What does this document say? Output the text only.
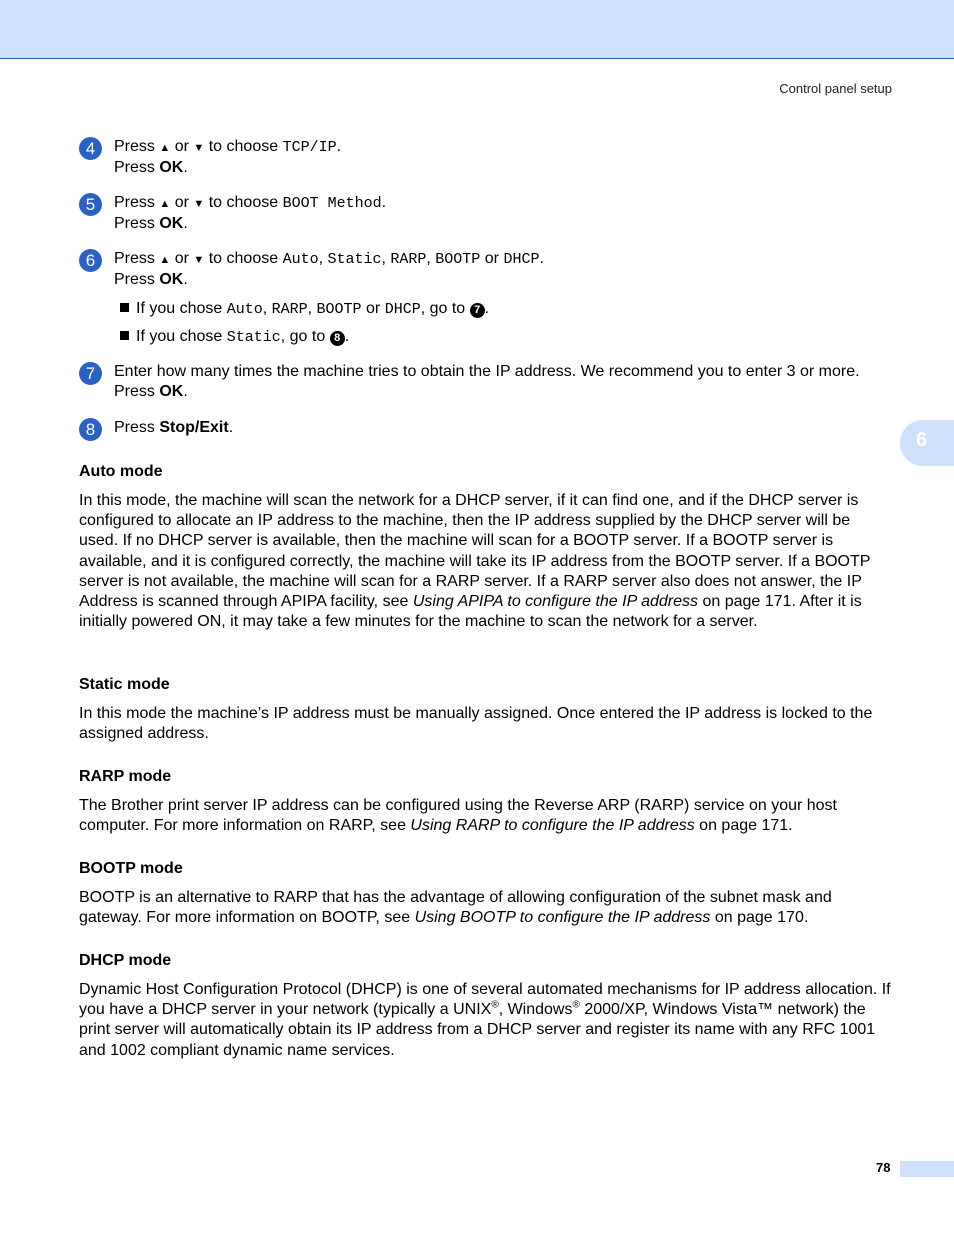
Control panel setup
6
4	Press ▲ or ▼ to choose TCP/IP.
Press OK.
5	Press ▲ or ▼ to choose BOOT Method.
Press OK.
6	Press ▲ or ▼ to choose Auto, Static, RARP, BOOTP or DHCP.
Press OK.
If you chose Auto, RARP, BOOTP or DHCP, go to 7 .
If you chose Static, go to 8 .
7	Enter how many times the machine tries to obtain the IP address. We recommend you to enter 3 or more.
Press OK.
8	Press Stop/Exit.
Auto mode
In this mode, the machine will scan the network for a DHCP server, if it can find one, and if the DHCP server is configured to allocate an IP address to the machine, then the IP address supplied by the DHCP server will be used. If no DHCP server is available, then the machine will scan for a BOOTP server. If a BOOTP server is available, and it is configured correctly, the machine will take its IP address from the BOOTP server. If a BOOTP server is not available, the machine will scan for a RARP server. If a RARP server also does not answer, the IP Address is scanned through APIPA facility, see Using APIPA to configure the IP address on page 171. After it is initially powered ON, it may take a few minutes for the machine to scan the network for a server.
Static mode
In this mode the machine’s IP address must be manually assigned. Once entered the IP address is locked to the assigned address.
RARP mode
The Brother print server IP address can be configured using the Reverse ARP (RARP) service on your host computer. For more information on RARP, see Using RARP to configure the IP address on page 171.
BOOTP mode
BOOTP is an alternative to RARP that has the advantage of allowing configuration of the subnet mask and gateway. For more information on BOOTP, see Using BOOTP to configure the IP address on page 170.
DHCP mode
Dynamic Host Configuration Protocol (DHCP) is one of several automated mechanisms for IP address allocation. If you have a DHCP server in your network (typically a UNIX®, Windows® 2000/XP, Windows Vista™ network) the print server will automatically obtain its IP address from a DHCP server and register its name with any RFC 1001 and 1002 compliant dynamic name services.
78
